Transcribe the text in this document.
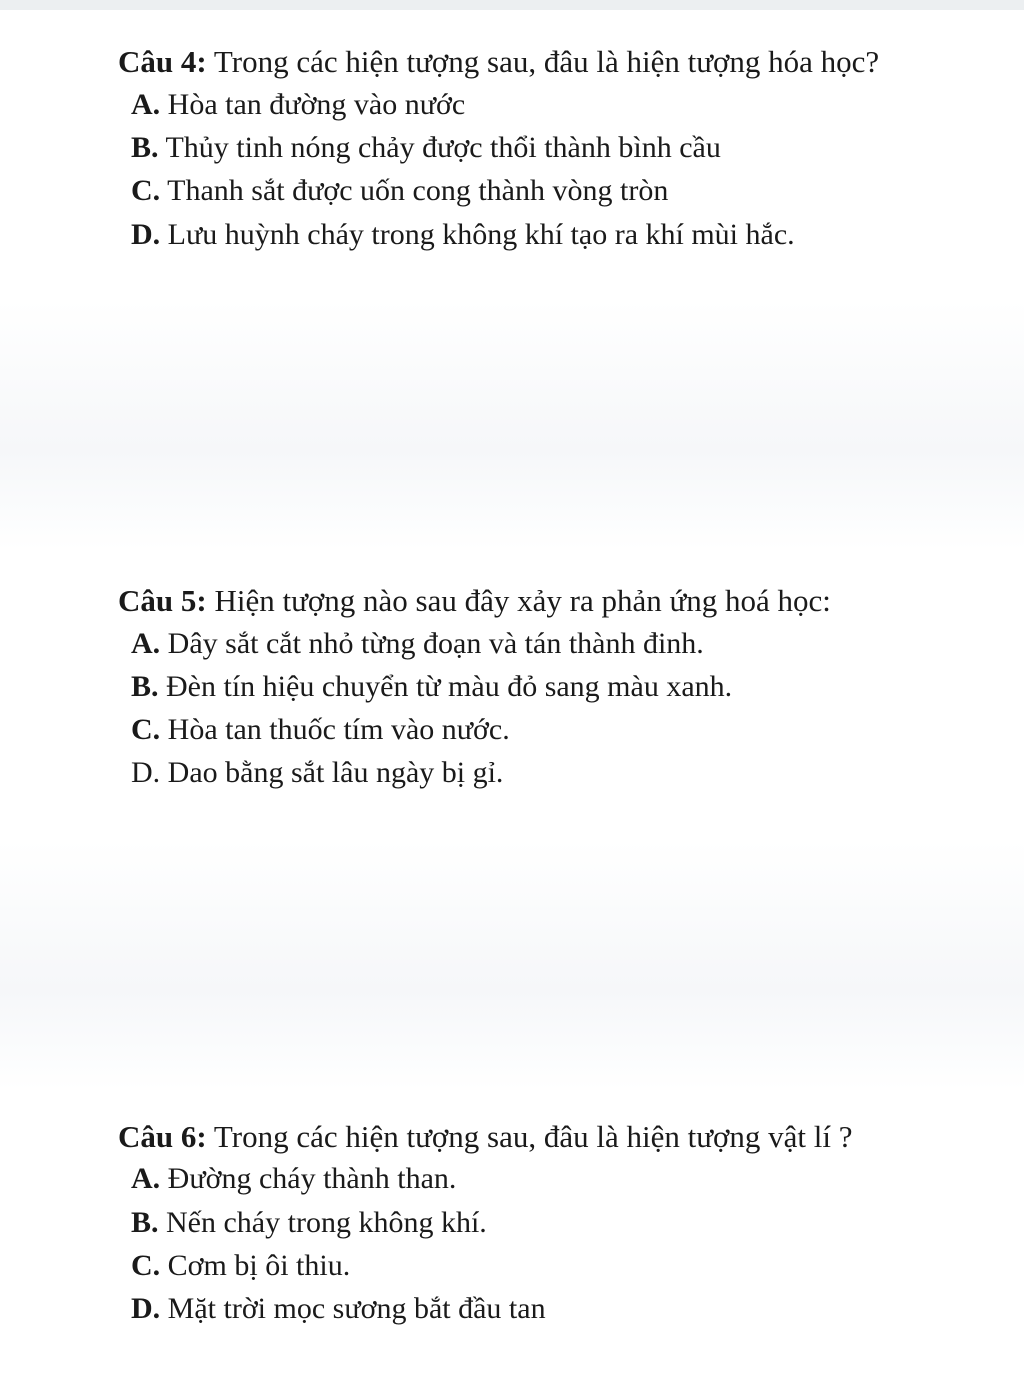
Câu 4: Trong các hiện tượng sau, đâu là hiện tượng hóa học?
A. Hòa tan đường vào nước
B. Thủy tinh nóng chảy được thổi thành bình cầu
C. Thanh sắt được uốn cong thành vòng tròn
D. Lưu huỳnh cháy trong không khí tạo ra khí mùi hắc.
Câu 5: Hiện tượng nào sau đây xảy ra phản ứng hoá học:
A. Dây sắt cắt nhỏ từng đoạn và tán thành đinh.
B. Đèn tín hiệu chuyển từ màu đỏ sang màu xanh.
C. Hòa tan thuốc tím vào nước.
D. Dao bằng sắt lâu ngày bị gỉ.
Câu 6: Trong các hiện tượng sau, đâu là hiện tượng vật lí ?
A. Đường cháy thành than.
B. Nến cháy trong không khí.
C. Cơm bị ôi thiu.
D. Mặt trời mọc sương bắt đầu tan
